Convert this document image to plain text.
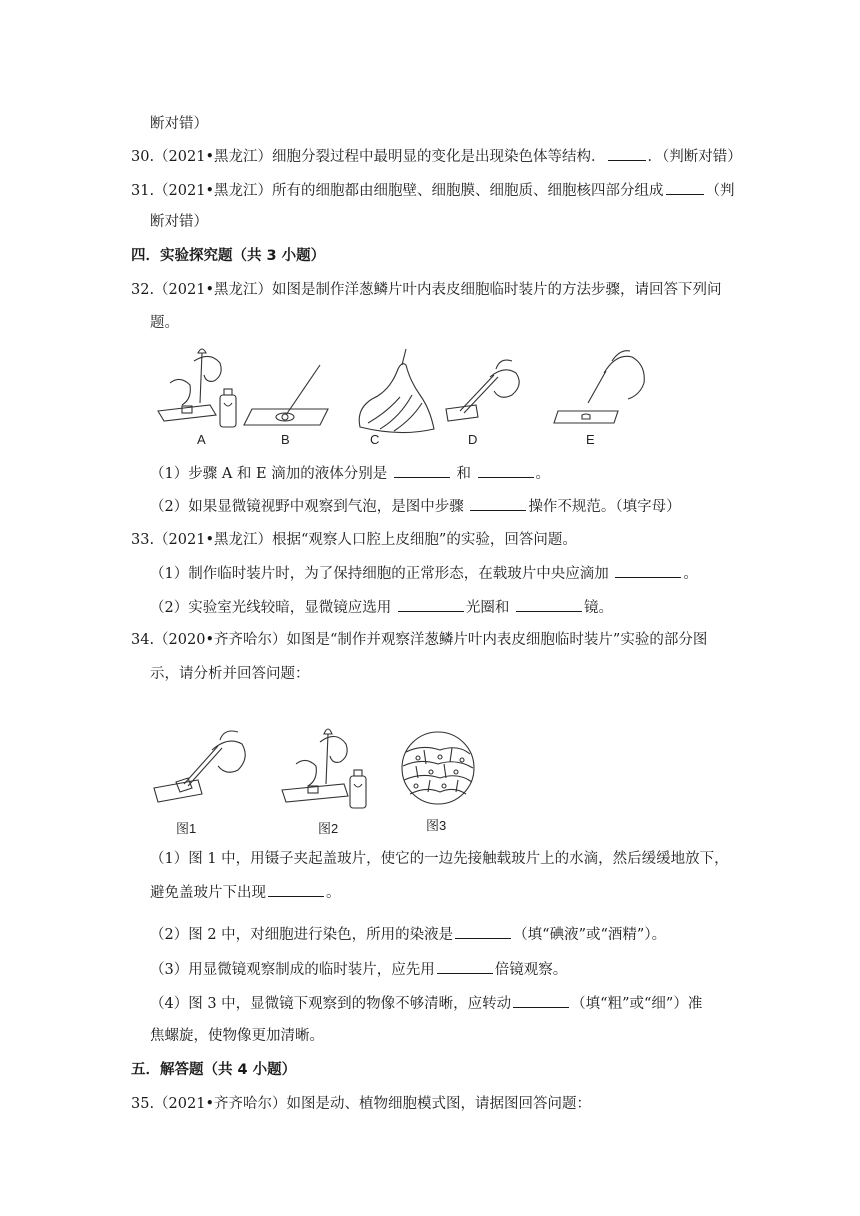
断对错）
30.（2021•黑龙江）细胞分裂过程中最明显的变化是出现染色体等结构．	．（判断对错）
31.（2021•黑龙江）所有的细胞都由细胞壁、细胞膜、细胞质、细胞核四部分组成	（判
断对错）
四．实验探究题（共 3 小题）
32.（2021•黑龙江）如图是制作洋葱鳞片叶内表皮细胞临时装片的方法步骤，请回答下列问
题。
A	B	C	D	E
（1）步骤 A 和 E 滴加的液体分别是	和	。
（2）如果显微镜视野中观察到气泡，是图中步骤	操作不规范。（填字母）
33.（2021•黑龙江）根据“观察人口腔上皮细胞”的实验，回答问题。
（1）制作临时装片时，为了保持细胞的正常形态，在载玻片中央应滴加	。
（2）实验室光线较暗，显微镜应选用	光圈和	镜。
34.（2020•齐齐哈尔）如图是“制作并观察洋葱鳞片叶内表皮细胞临时装片”实验的部分图
示，请分析并回答问题：
图1	图2	图3
（1）图 1 中，用镊子夹起盖玻片，使它的一边先接触载玻片上的水滴，然后缓缓地放下，
避免盖玻片下出现	。
（2）图 2 中，对细胞进行染色，所用的染液是	（填“碘液”或“酒精”）。
（3）用显微镜观察制成的临时装片，应先用	倍镜观察。
（4）图 3 中，显微镜下观察到的物像不够清晰，应转动	（填“粗”或“细”）准
焦螺旋，使物像更加清晰。
五．解答题（共 4 小题）
35.（2021•齐齐哈尔）如图是动、植物细胞模式图，请据图回答问题：
